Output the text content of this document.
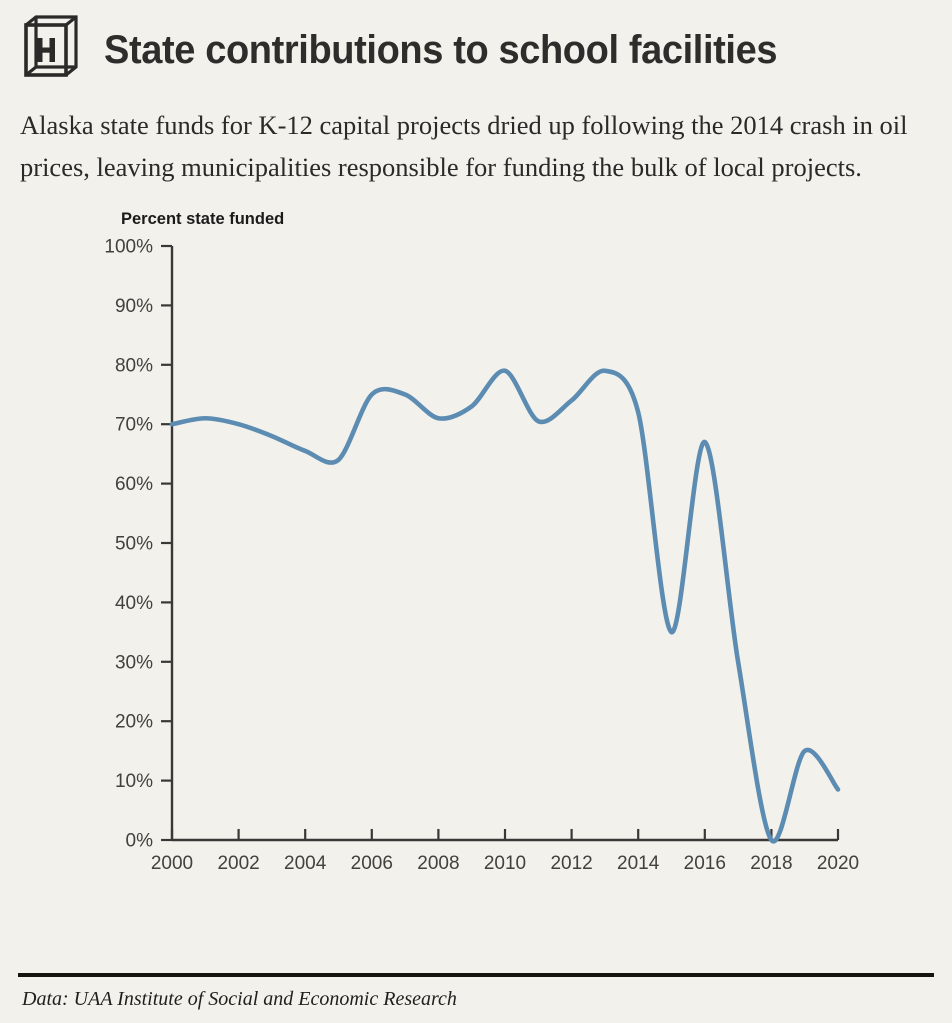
State contributions to school facilities
Alaska state funds for K-12 capital projects dried up following the 2014 crash in oil prices, leaving municipalities responsible for funding the bulk of local projects.
Percent state funded
0%
10%
20%
30%
40%
50%
60%
70%
80%
90%
100%
2000 2002 2004 2006 2008 2010 2012 2014 2016 2018 2020
Data: UAA Institute of Social and Economic Research
